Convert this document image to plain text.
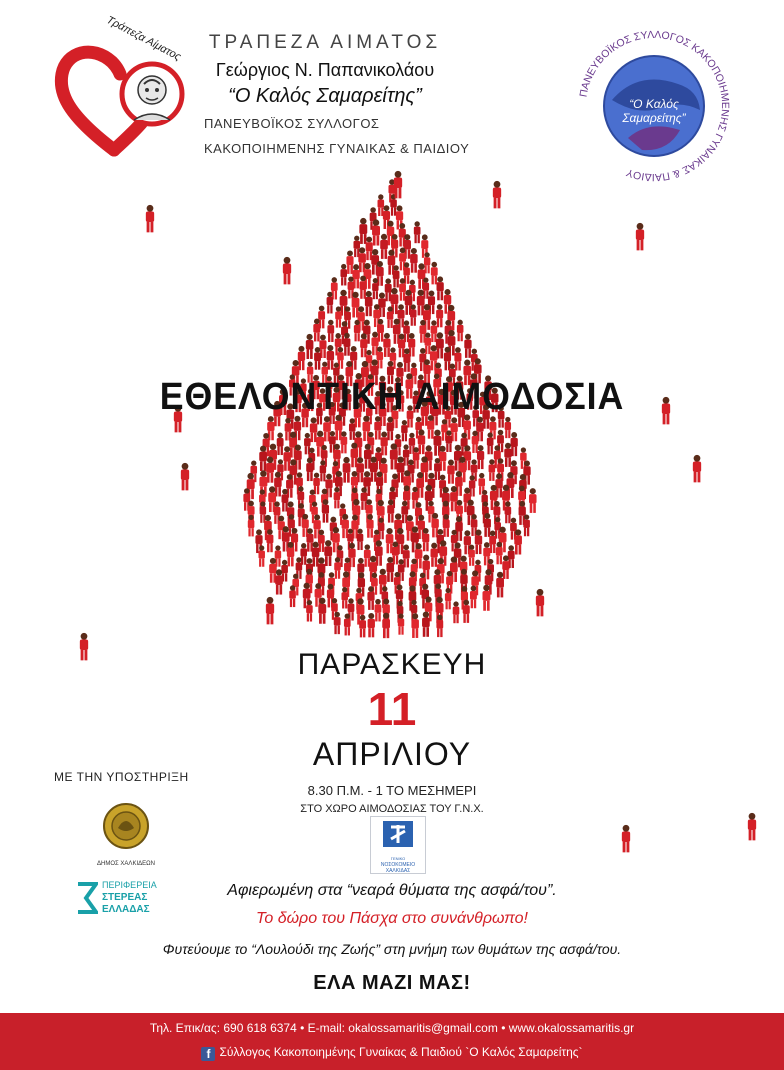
Τράπεζα Αίματος	ΤΡΑΠΕΖΑ ΑΙΜΑΤΟΣ
Γεώργιος Ν. Παπανικολάου
“Ο Καλός Σαμαρείτης”
ΠΑΝΕΥΒΟΪΚΟΣ ΣΥΛΛΟΓΟΣ
ΚΑΚΟΠΟΙΗΜΕΝΗΣ ΓΥΝΑΙΚΑΣ & ΠΑΙΔΙΟΥ
ΠΑΝΕΥΒΟΪΚΟΣ ΣΥΛΛΟΓΟΣ ΚΑΚΟΠΟΙΗΜΕΝΗΣ ΓΥΝΑΙΚΑΣ & ΠΑΙΔΙΟΥ
“Ο Καλός
Σαμαρείτης”
ΕΘΕΛΟΝΤΙΚΗ ΑΙΜΟΔΟΣΙΑ
ΠΑΡΑΣΚΕΥΗ
11
ΑΠΡΙΛΙΟΥ
8.30 Π.Μ. - 1 ΤΟ ΜΕΣΗΜΕΡΙ
ΣΤΟ ΧΩΡΟ ΑΙΜΟΔΟΣΙΑΣ ΤΟΥ Γ.Ν.Χ.
ΜΕ ΤΗΝ ΥΠΟΣΤΗΡΙΞΗ
ΔΗΜΟΣ ΧΑΛΚΙΔΕΩΝ
ΠΕΡΙΦΕΡΕΙΑ
ΣΤΕΡΕΑΣ
ΕΛΛΑΔΑΣ
ΓΕΝΙΚΟ
ΝΟΣΟΚΟΜΕΙΟ
ΧΑΛΚΙΔΑΣ
Αφιερωμένη στα “νεαρά θύματα της ασφά/του”.
Το δώρο του Πάσχα στο συνάνθρωπο!
Φυτεύουμε το “Λουλούδι της Ζωής” στη μνήμη των θυμάτων της ασφά/του.
ΕΛΑ ΜΑΖΙ ΜΑΣ!
Τηλ. Επικ/ας: 690 618 6374 • E-mail: okalossamaritis@gmail.com • www.okalossamaritis.gr
f Σύλλογος Κακοποιημένης Γυναίκας & Παιδιού `Ο Καλός Σαμαρείτης`
